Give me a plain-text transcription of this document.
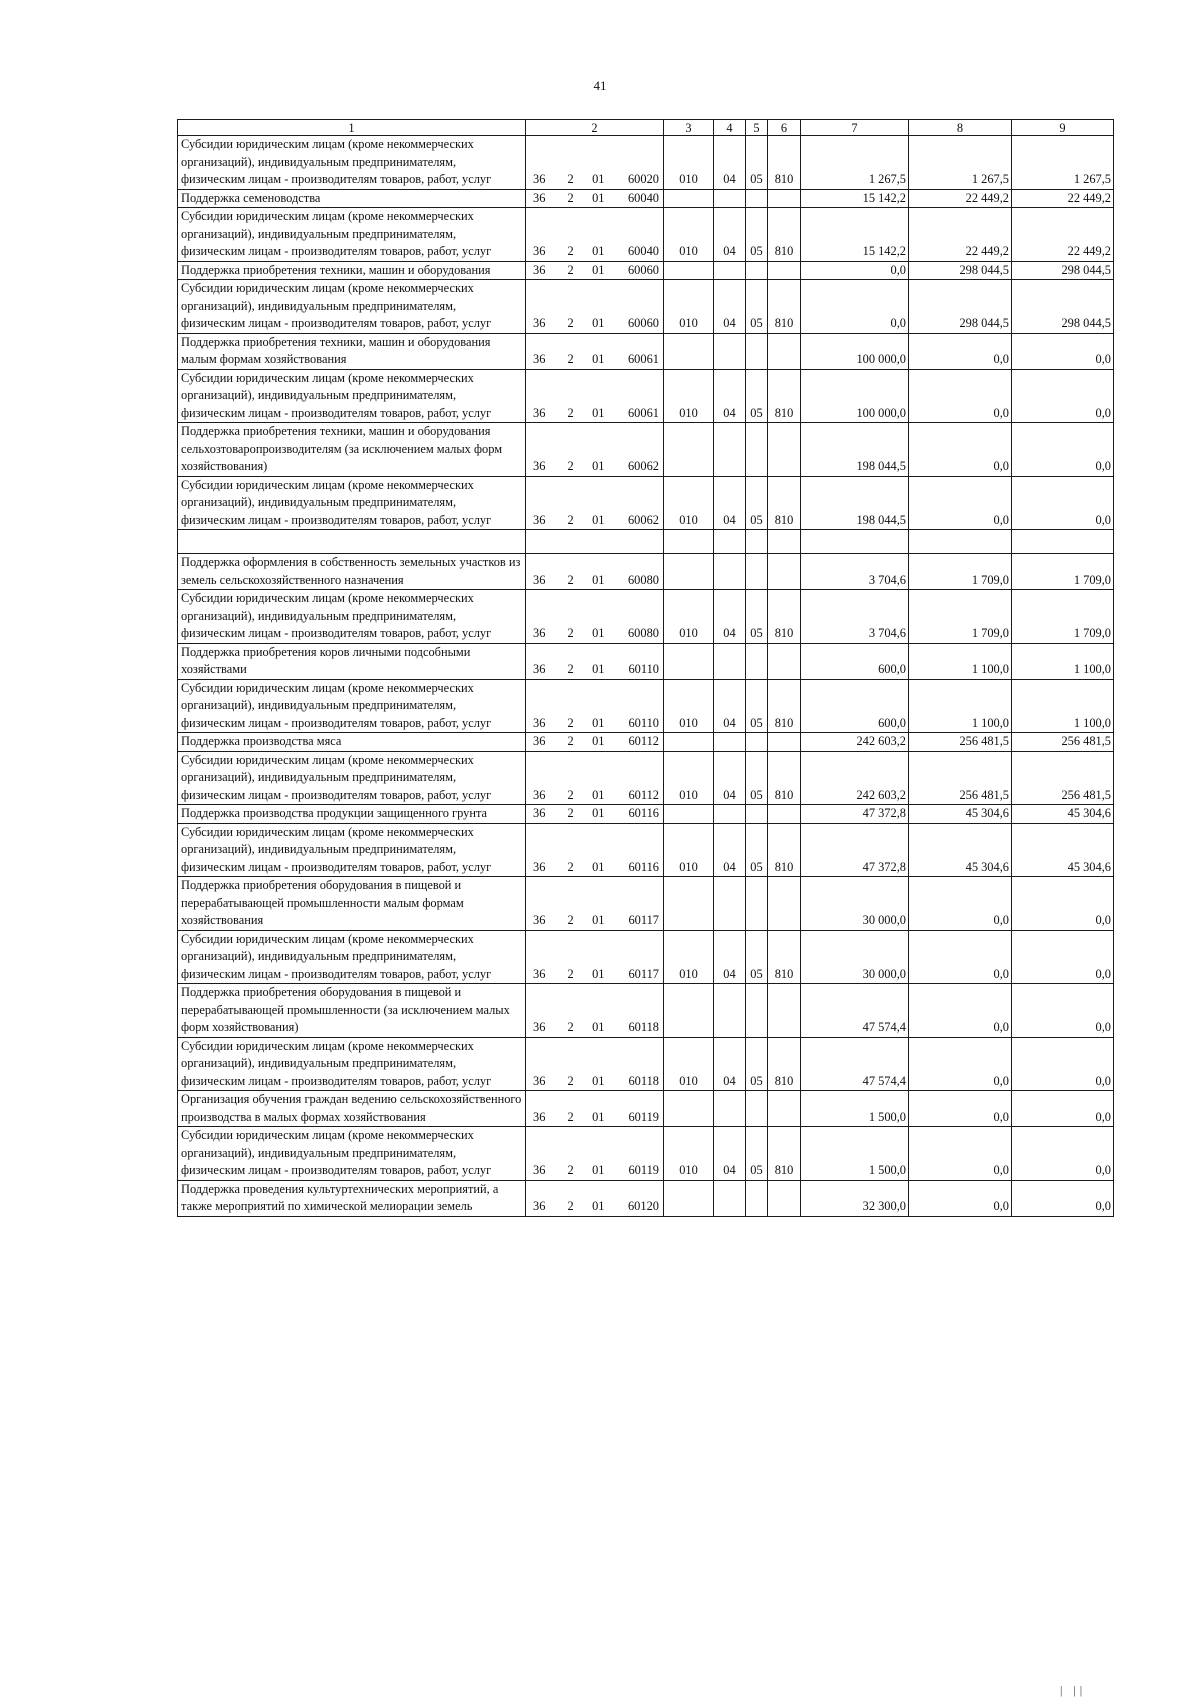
41
1	2	3	4	5	6	7	8	9
Субсидии юридическим лицам (кроме некоммерческих организаций), индивидуальным предпринимателям, физическим лицам - производителям товаров, работ, услуг	36 2 01 60020	010	04	05	810	1 267,5	1 267,5	1 267,5
Поддержка семеноводства	36 2 01 60040					15 142,2	22 449,2	22 449,2
Субсидии юридическим лицам (кроме некоммерческих организаций), индивидуальным предпринимателям, физическим лицам - производителям товаров, работ, услуг	36 2 01 60040	010	04	05	810	15 142,2	22 449,2	22 449,2
Поддержка приобретения техники, машин и оборудования	36 2 01 60060					0,0	298 044,5	298 044,5
Субсидии юридическим лицам (кроме некоммерческих организаций), индивидуальным предпринимателям, физическим лицам - производителям товаров, работ, услуг	36 2 01 60060	010	04	05	810	0,0	298 044,5	298 044,5
Поддержка приобретения техники, машин и оборудования малым формам хозяйствования	36 2 01 60061					100 000,0	0,0	0,0
Субсидии юридическим лицам (кроме некоммерческих организаций), индивидуальным предпринимателям, физическим лицам - производителям товаров, работ, услуг	36 2 01 60061	010	04	05	810	100 000,0	0,0	0,0
Поддержка приобретения техники, машин и оборудования сельхозтоваропроизводителям (за исключением малых форм хозяйствования)	36 2 01 60062					198 044,5	0,0	0,0
Субсидии юридическим лицам (кроме некоммерческих организаций), индивидуальным предпринимателям, физическим лицам - производителям товаров, работ, услуг	36 2 01 60062	010	04	05	810	198 044,5	0,0	0,0

Поддержка оформления в собственность земельных участков из земель сельскохозяйственного назначения	36 2 01 60080					3 704,6	1 709,0	1 709,0
Субсидии юридическим лицам (кроме некоммерческих организаций), индивидуальным предпринимателям, физическим лицам - производителям товаров, работ, услуг	36 2 01 60080	010	04	05	810	3 704,6	1 709,0	1 709,0
Поддержка приобретения коров личными подсобными хозяйствами	36 2 01 60110					600,0	1 100,0	1 100,0
Субсидии юридическим лицам (кроме некоммерческих организаций), индивидуальным предпринимателям, физическим лицам - производителям товаров, работ, услуг	36 2 01 60110	010	04	05	810	600,0	1 100,0	1 100,0
Поддержка производства мяса	36 2 01 60112					242 603,2	256 481,5	256 481,5
Субсидии юридическим лицам (кроме некоммерческих организаций), индивидуальным предпринимателям, физическим лицам - производителям товаров, работ, услуг	36 2 01 60112	010	04	05	810	242 603,2	256 481,5	256 481,5
Поддержка производства продукции защищенного грунта	36 2 01 60116					47 372,8	45 304,6	45 304,6
Субсидии юридическим лицам (кроме некоммерческих организаций), индивидуальным предпринимателям, физическим лицам - производителям товаров, работ, услуг	36 2 01 60116	010	04	05	810	47 372,8	45 304,6	45 304,6
Поддержка приобретения оборудования в пищевой и перерабатывающей промышленности малым формам хозяйствования	36 2 01 60117					30 000,0	0,0	0,0
Субсидии юридическим лицам (кроме некоммерческих организаций), индивидуальным предпринимателям, физическим лицам - производителям товаров, работ, услуг	36 2 01 60117	010	04	05	810	30 000,0	0,0	0,0
Поддержка приобретения оборудования в пищевой и перерабатывающей промышленности (за исключением малых форм хозяйствования)	36 2 01 60118					47 574,4	0,0	0,0
Субсидии юридическим лицам (кроме некоммерческих организаций), индивидуальным предпринимателям, физическим лицам - производителям товаров, работ, услуг	36 2 01 60118	010	04	05	810	47 574,4	0,0	0,0
Организация обучения граждан ведению сельскохозяйственного производства в малых формах хозяйствования	36 2 01 60119					1 500,0	0,0	0,0
Субсидии юридическим лицам (кроме некоммерческих организаций), индивидуальным предпринимателям, физическим лицам - производителям товаров, работ, услуг	36 2 01 60119	010	04	05	810	1 500,0	0,0	0,0
Поддержка проведения культуртехнических мероприятий, а также мероприятий по химической мелиорации земель	36 2 01 60120					32 300,0	0,0	0,0
| ||
